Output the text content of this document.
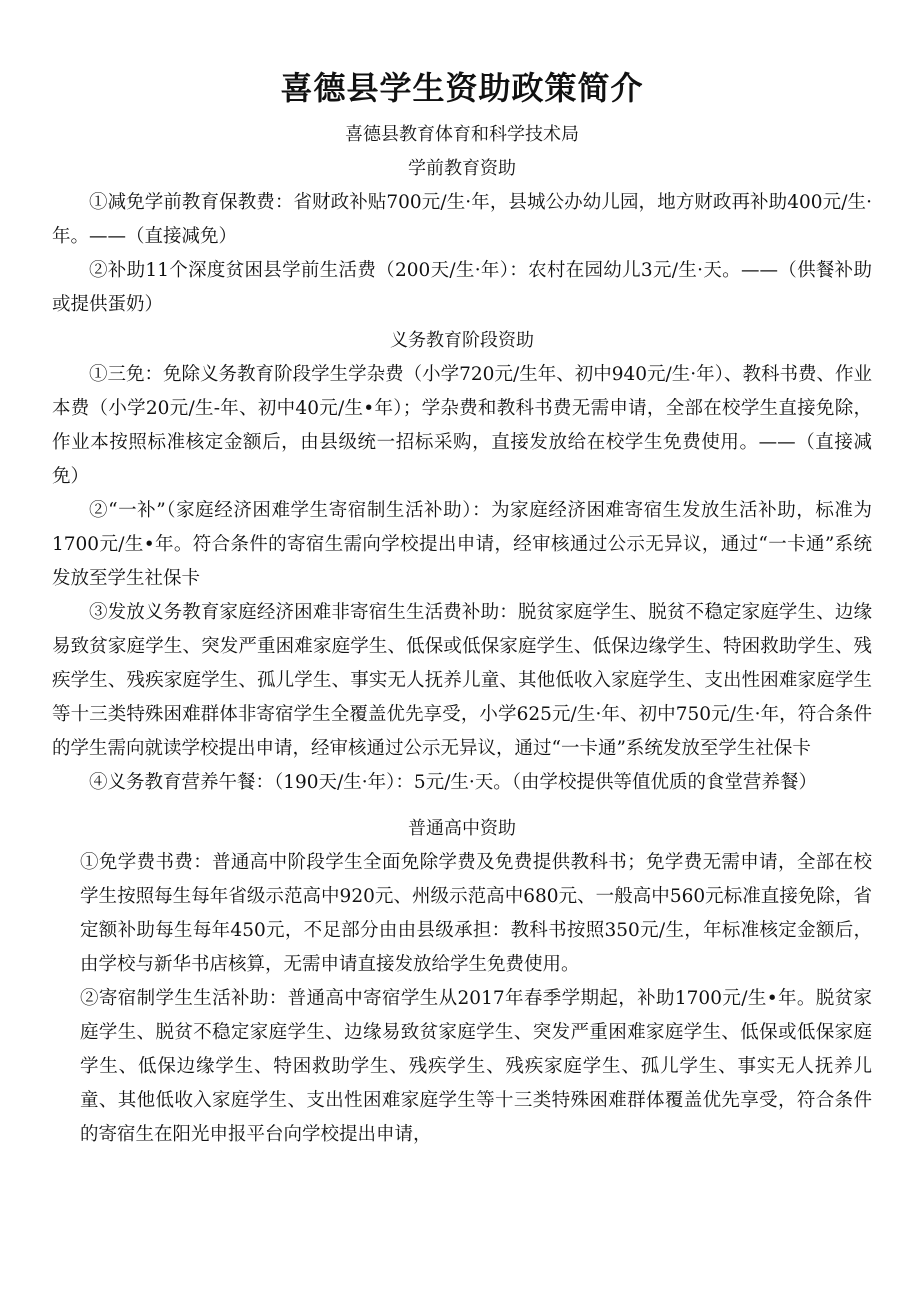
喜德县学生资助政策简介

喜德县教育体育和科学技术局

学前教育资助

①减免学前教育保教费：省财政补贴700元/生·年，县城公办幼儿园，地方财政再补助400元/生·年。——（直接减免）

②补助11个深度贫困县学前生活费（200天/生·年）：农村在园幼儿3元/生·天。——（供餐补助或提供蛋奶）

义务教育阶段资助

①三免：免除义务教育阶段学生学杂费（小学720元/生年、初中940元/生·年）、教科书费、作业本费（小学20元/生-年、初中40元/生•年）；学杂费和教科书费无需申请，全部在校学生直接免除，作业本按照标准核定金额后，由县级统一招标采购，直接发放给在校学生免费使用。——（直接减免）

②“一补”（家庭经济困难学生寄宿制生活补助）：为家庭经济困难寄宿生发放生活补助，标准为1700元/生•年。符合条件的寄宿生需向学校提出申请，经审核通过公示无异议，通过“一卡通”系统发放至学生社保卡

③发放义务教育家庭经济困难非寄宿生生活费补助：脱贫家庭学生、脱贫不稳定家庭学生、边缘易致贫家庭学生、突发严重困难家庭学生、低保或低保家庭学生、低保边缘学生、特困救助学生、残疾学生、残疾家庭学生、孤儿学生、事实无人抚养儿童、其他低收入家庭学生、支出性困难家庭学生等十三类特殊困难群体非寄宿学生全覆盖优先享受，小学625元/生·年、初中750元/生·年，符合条件的学生需向就读学校提出申请，经审核通过公示无异议，通过“一卡通”系统发放至学生社保卡

④义务教育营养午餐：（190天/生·年）：5元/生·天。（由学校提供等值优质的食堂营养餐）

普通高中资助

①免学费书费：普通高中阶段学生全面免除学费及免费提供教科书；免学费无需申请，全部在校学生按照每生每年省级示范高中920元、州级示范高中680元、一般高中560元标准直接免除，省定额补助每生每年450元，不足部分由由县级承担：教科书按照350元/生，年标准核定金额后，由学校与新华书店核算，无需申请直接发放给学生免费使用。

②寄宿制学生生活补助：普通高中寄宿学生从2017年春季学期起，补助1700元/生•年。脱贫家庭学生、脱贫不稳定家庭学生、边缘易致贫家庭学生、突发严重困难家庭学生、低保或低保家庭学生、低保边缘学生、特困救助学生、残疾学生、残疾家庭学生、孤儿学生、事实无人抚养儿童、其他低收入家庭学生、支出性困难家庭学生等十三类特殊困难群体覆盖优先享受，符合条件的寄宿生在阳光申报平台向学校提出申请，
